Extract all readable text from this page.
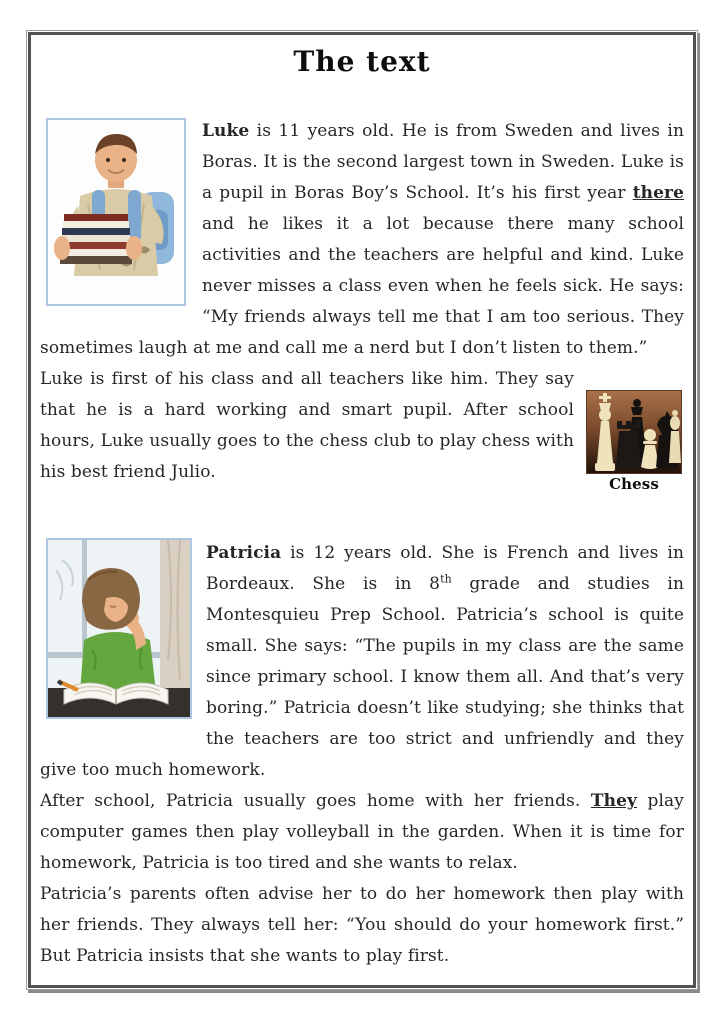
The text

Luke is 11 years old. He is from Sweden and lives in Boras. It is the second largest town in Sweden. Luke is a pupil in Boras Boy’s School. It’s his first year there and he likes it a lot because there many school activities and the teachers are helpful and kind. Luke never misses a class even when he feels sick. He says: “My friends always tell me that I am too serious. They sometimes laugh at me and call me a nerd but I don’t listen to them.”

Chess
Luke is first of his class and all teachers like him. They say that he is a hard working and smart pupil. After school hours, Luke usually goes to the chess club to play chess with his best friend Julio.

Patricia is 12 years old. She is French and lives in Bordeaux. She is in 8th grade and studies in Montesquieu Prep School. Patricia’s school is quite small. She says: “The pupils in my class are the same since primary school. I know them all. And that’s very boring.” Patricia doesn’t like studying; she thinks that the teachers are too strict and unfriendly and they give too much homework.

After school, Patricia usually goes home with her friends. They play computer games then play volleyball in the garden. When it is time for homework, Patricia is too tired and she wants to relax.

Patricia’s parents often advise her to do her homework then play with her friends. They always tell her: “You should do your homework first.” But Patricia insists that she wants to play first.
